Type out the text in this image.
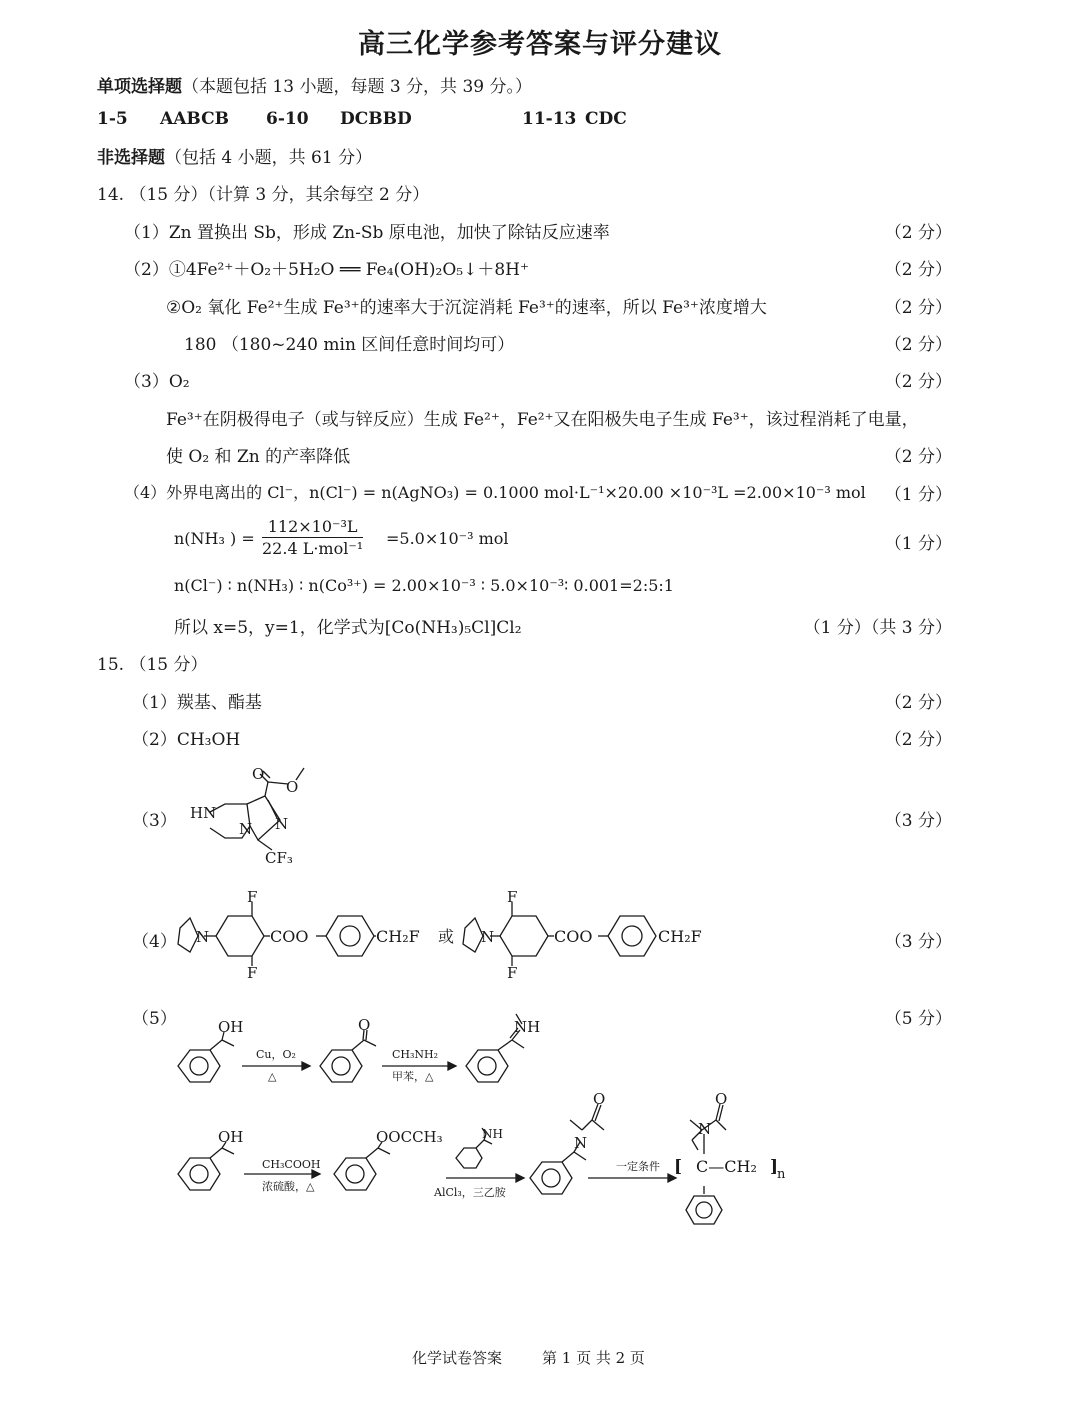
高三化学参考答案与评分建议
单项选择题（本题包括 13 小题，每题 3 分，共 39 分。）
1-5 AABCB 6-10 DCBBD	11-13 CDC
非选择题（包括 4 小题，共 61 分）
14. （15 分）（计算 3 分，其余每空 2 分）
（1）Zn 置换出 Sb，形成 Zn-Sb 原电池，加快了除钴反应速率	（2 分）
（2）①4Fe²⁺＋O₂＋5H₂O ══ Fe₄(OH)₂O₅↓＋8H⁺	（2 分）
②O₂ 氧化 Fe²⁺生成 Fe³⁺的速率大于沉淀消耗 Fe³⁺的速率，所以 Fe³⁺浓度增大	（2 分）
180 （180~240 min 区间任意时间均可）	（2 分）
（3）O₂	（2 分）
Fe³⁺在阴极得电子（或与锌反应）生成 Fe²⁺，Fe²⁺又在阳极失电子生成 Fe³⁺，该过程消耗了电量，
使 O₂ 和 Zn 的产率降低	（2 分）
（4）外界电离出的 Cl⁻，n(Cl⁻) = n(AgNO₃) = 0.1000 mol·L⁻¹×20.00 ×10⁻³L =2.00×10⁻³ mol （1 分）
n(NH₃ ) =
112×10⁻³L
22.4 L·mol⁻¹
=5.0×10⁻³ mol	（1 分）
n(Cl⁻) ∶ n(NH₃) ∶ n(Co³⁺) = 2.00×10⁻³ ∶ 5.0×10⁻³∶ 0.001=2:5:1
所以 x=5，y=1，化学式为[Co(NH₃)₅Cl]Cl₂	（1 分）（共 3 分）
15. （15 分）
（1）羰基、酯基	（2 分）
（2）CH₃OH	（2 分）
（3）	（3 分）
O
O
HN
N
N
CF₃
（4）	（3 分）
N
F
F
COO	CH₂F 或 N
F
F
COO	CH₂F
（5）	（5 分）
OH	O	NH
Cu，O₂
△
CH₃NH₂
甲苯，△
OH
CH₃COOH
浓硫酸，△
OOCCH₃	NH
AlCl₃，三乙胺
N
O
一定条件
N
O
[ C—CH₂ ]
n
化学试卷答案	第 1 页 共 2 页
